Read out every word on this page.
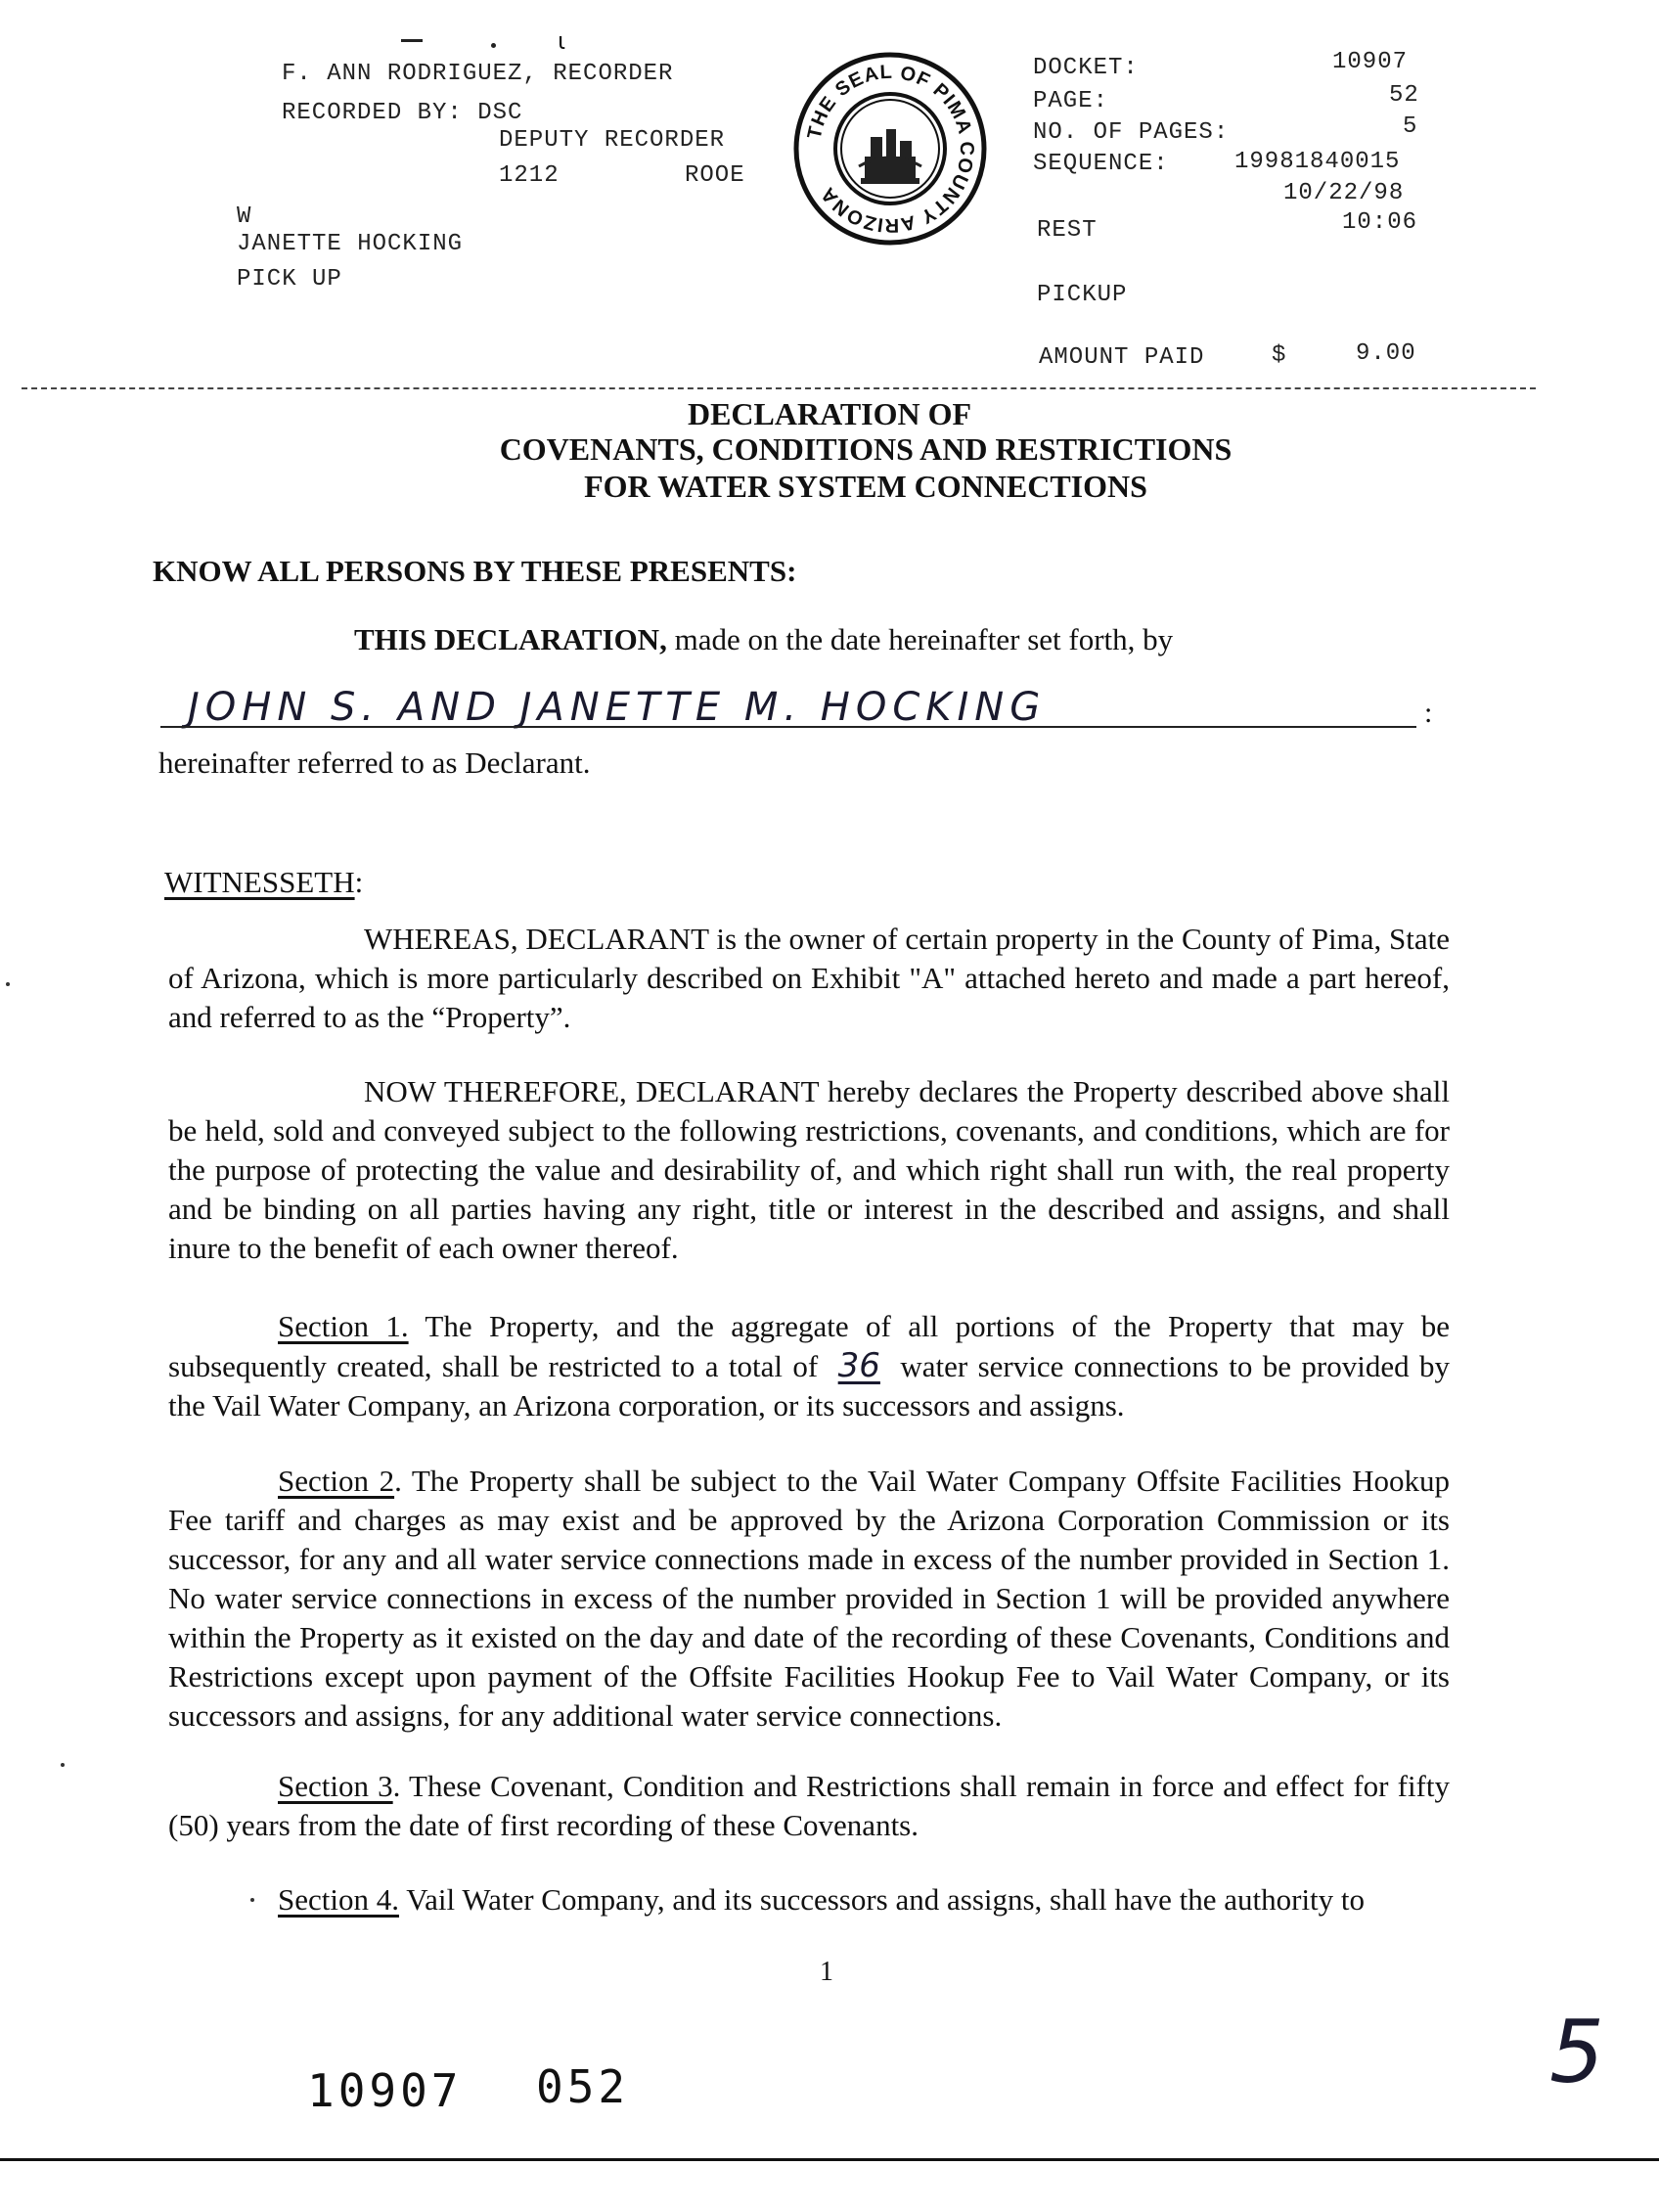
F. ANN RODRIGUEZ, RECORDER
RECORDED BY: DSC
DEPUTY RECORDER
1212	ROOE
W
JANETTE HOCKING
PICK UP
ɩ
THE SEAL OF PIMA COUNTY ARIZONA
DOCKET:	10907
PAGE:	52
NO. OF PAGES:	5
SEQUENCE:	19981840015
10/22/98
REST	10:06
PICKUP
AMOUNT PAID	$	9.00
DECLARATION OF
COVENANTS, CONDITIONS AND RESTRICTIONS
FOR WATER SYSTEM CONNECTIONS
KNOW ALL PERSONS BY THESE PRESENTS:
THIS DECLARATION, made on the date hereinafter set forth, by
JOHN S. AND JANETTE M. HOCKING	:
hereinafter referred to as Declarant.
WITNESSETH:
WHEREAS, DECLARANT is the owner of certain property in the County of Pima, State of Arizona, which is more particularly described on Exhibit "A" attached hereto and made a part hereof, and referred to as the “Property”.
NOW THEREFORE, DECLARANT hereby declares the Property described above shall be held, sold and conveyed subject to the following restrictions, covenants, and conditions, which are for the purpose of protecting the value and desirability of, and which right shall run with, the real property and be binding on all parties having any right, title or interest in the described and assigns, and shall inure to the benefit of each owner thereof.
Section 1. The Property, and the aggregate of all portions of the Property that may be subsequently created, shall be restricted to a total of 36 water service connections to be provided by the Vail Water Company, an Arizona corporation, or its successors and assigns.
Section 2. The Property shall be subject to the Vail Water Company Offsite Facilities Hookup Fee tariff and charges as may exist and be approved by the Arizona Corporation Commission or its successor, for any and all water service connections made in excess of the number provided in Section 1. No water service connections in excess of the number provided in Section 1 will be provided anywhere within the Property as it existed on the day and date of the recording of these Covenants, Conditions and Restrictions except upon payment of the Offsite Facilities Hookup Fee to Vail Water Company, or its successors and assigns, for any additional water service connections.
Section 3. These Covenant, Condition and Restrictions shall remain in force and effect for fifty (50) years from the date of first recording of these Covenants.
Section 4. Vail Water Company, and its successors and assigns, shall have the authority to
1
10907 052	5
